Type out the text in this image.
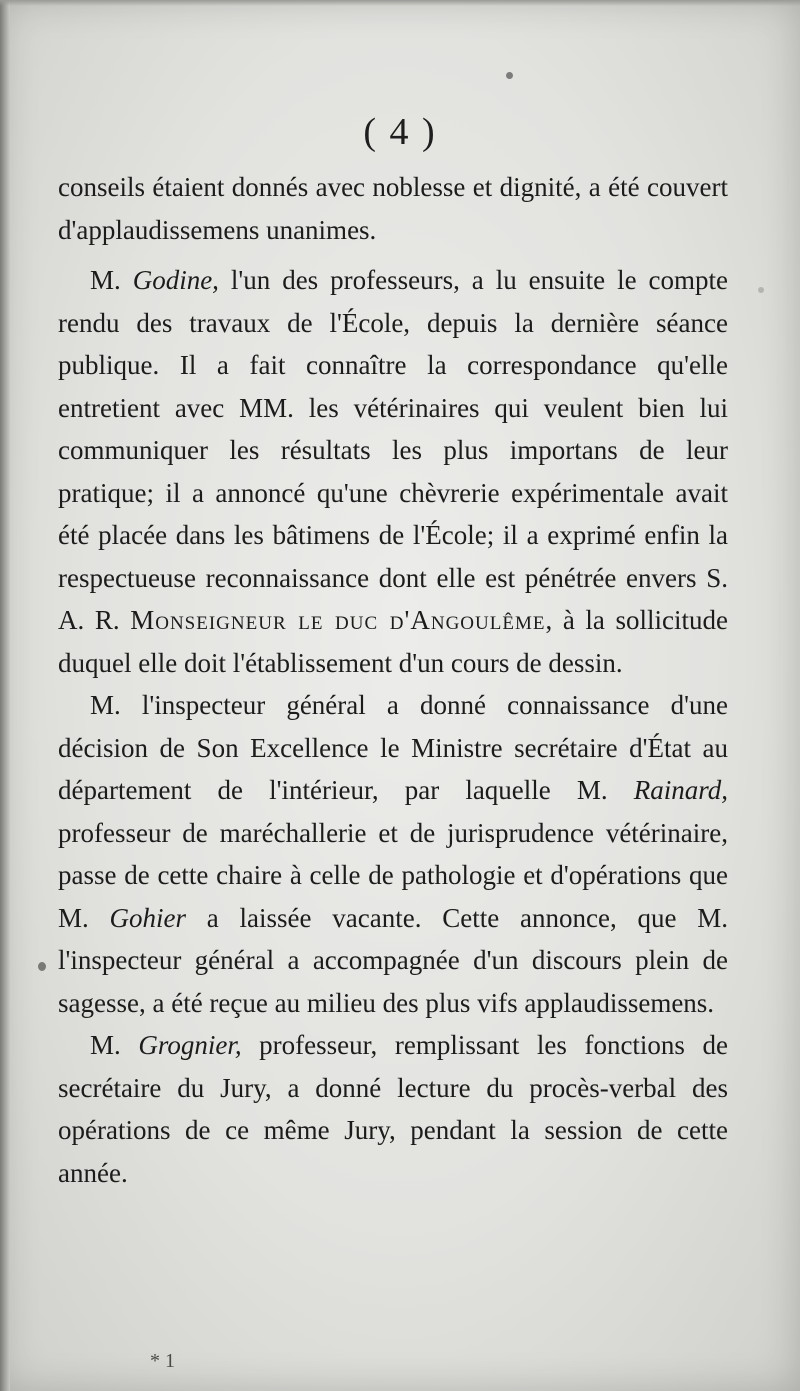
( 4 )

conseils étaient donnés avec noblesse et dignité, a été couvert d'applaudissemens unanimes.

M. Godine, l'un des professeurs, a lu ensuite le compte rendu des travaux de l'École, depuis la dernière séance publique. Il a fait connaître la correspondance qu'elle entretient avec MM. les vétérinaires qui veulent bien lui communiquer les résultats les plus importans de leur pratique; il a annoncé qu'une chèvrerie expérimentale avait été placée dans les bâtimens de l'École; il a exprimé enfin la respectueuse reconnaissance dont elle est pénétrée envers S. A. R. Monseigneur le duc d'Angoulême, à la sollicitude duquel elle doit l'établissement d'un cours de dessin.

M. l'inspecteur général a donné connaissance d'une décision de Son Excellence le Ministre secrétaire d'État au département de l'intérieur, par laquelle M. Rainard, professeur de maréchallerie et de jurisprudence vétérinaire, passe de cette chaire à celle de pathologie et d'opérations que M. Gohier a laissée vacante. Cette annonce, que M. l'inspecteur général a accompagnée d'un discours plein de sagesse, a été reçue au milieu des plus vifs applaudissemens.

M. Grognier, professeur, remplissant les fonctions de secrétaire du Jury, a donné lecture du procès-verbal des opérations de ce même Jury, pendant la session de cette année.

* 1
